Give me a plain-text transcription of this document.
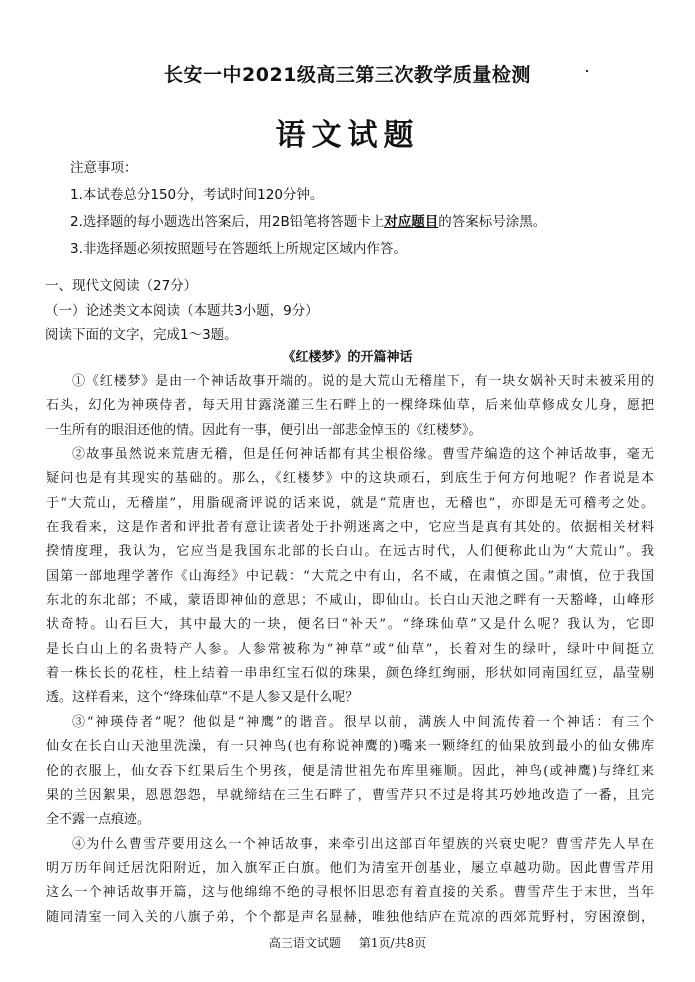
长安一中2021级高三第三次教学质量检测
语文试题
注意事项：
1.本试卷总分150分，考试时间120分钟。
2.选择题的每小题选出答案后，用2B铅笔将答题卡上对应题目的答案标号涂黑。
3.非选择题必须按照题号在答题纸上所规定区域内作答。
一、现代文阅读（27分）
（一）论述类文本阅读（本题共3小题，9分）
阅读下面的文字，完成1～3题。
《红楼梦》的开篇神话
①《红楼梦》是由一个神话故事开端的。说的是大荒山无稽崖下，有一块女娲补天时未被采用的
石头，幻化为神瑛侍者，每天用甘露浇灌三生石畔上的一棵绛珠仙草，后来仙草修成女儿身，愿把
一生所有的眼泪还他的情。因此有一事，便引出一部悲金悼玉的《红楼梦》。
②故事虽然说来荒唐无稽，但是任何神话都有其尘根俗缘。曹雪芹编造的这个神话故事，毫无
疑问也是有其现实的基础的。那么，《红楼梦》中的这块顽石，到底生于何方何地呢？作者说是本
于“大荒山，无稽崖”，用脂砚斋评说的话来说，就是“荒唐也，无稽也”，亦即是无可稽考之处。
在我看来，这是作者和评批者有意让读者处于扑朔迷离之中，它应当是真有其处的。依据相关材料
揆情度理，我认为，它应当是我国东北部的长白山。在远古时代，人们便称此山为“大荒山”。我
国第一部地理学著作《山海经》中记载：“大荒之中有山，名不咸，在肃慎之国。”肃慎，位于我国
东北的东北部；不咸，蒙语即神仙的意思；不咸山，即仙山。长白山天池之畔有一天豁峰，山峰形
状奇特。山石巨大，其中最大的一块，便名曰“补天”。“绛珠仙草”又是什么呢？我认为，它即
是长白山上的名贵特产人参。人参常被称为“神草”或“仙草”，长着对生的绿叶，绿叶中间挺立
着一株长长的花柱，柱上结着一串串红宝石似的珠果，颜色绛红绚丽，形状如同南国红豆，晶莹剔
透。这样看来，这个“绛珠仙草”不是人参又是什么呢？
③“神瑛侍者”呢？他似是“神鹰”的谐音。很早以前，满族人中间流传着一个神话：有三个
仙女在长白山天池里洗澡，有一只神鸟(也有称说神鹰的)嘴来一颗绛红的仙果放到最小的仙女佛库
伦的衣服上，仙女吞下红果后生个男孩，便是清世祖先布库里雍顺。因此，神鸟(或神鹰)与绛红来
果的兰因絮果，恩恩怨怨，早就缔结在三生石畔了，曹雪芹只不过是将其巧妙地改造了一番，且完
全不露一点痕迹。
④为什么曹雪芹要用这么一个神话故事，来牵引出这部百年望族的兴衰史呢？曹雪芹先人早在
明万历年间迁居沈阳附近，加入旗军正白旗。他们为清室开创基业，屡立卓越功勋。因此曹雪芹用
这么一个神话故事开篇，这与他绵绵不绝的寻根怀旧思恋有着直接的关系。曹雪芹生于末世，当年
随同清室一同入关的八旗子弟，个个都是声名显赫，唯独他结庐在荒凉的西郊荒野村，穷困潦倒，
高三语文试题 第1页/共8页
